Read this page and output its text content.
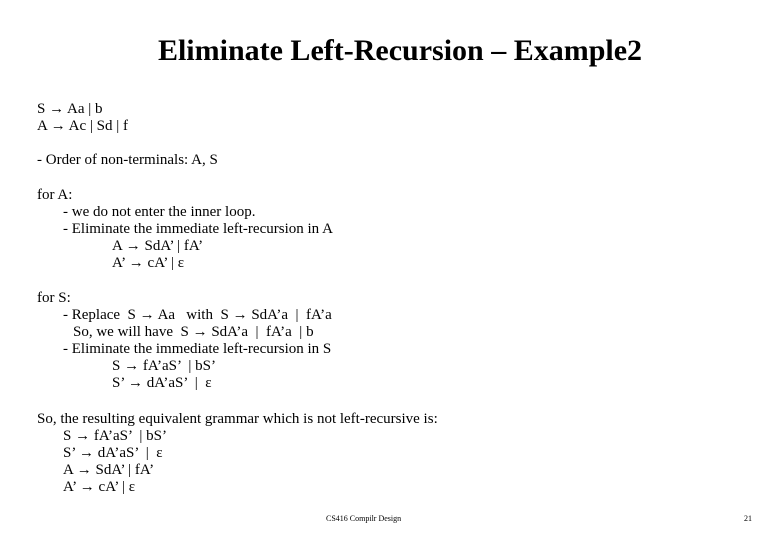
Eliminate Left-Recursion – Example2
S → Aa | b
A → Ac | Sd | f
- Order of non-terminals: A, S
for A:
- we do not enter the inner loop.
- Eliminate the immediate left-recursion in A
A → SdA’ | fA’
A’ → cA’ | ε
for S:
- Replace  S → Aa   with  S → SdA’a  |  fA’a
So, we will have  S → SdA’a  |  fA’a  | b
- Eliminate the immediate left-recursion in S
S → fA’aS’  | bS’
S’ → dA’aS’  |  ε
So, the resulting equivalent grammar which is not left-recursive is:
S → fA’aS’  | bS’
S’ → dA’aS’  |  ε
A → SdA’ | fA’
A’ → cA’ | ε
CS416 Compilr Design	21
